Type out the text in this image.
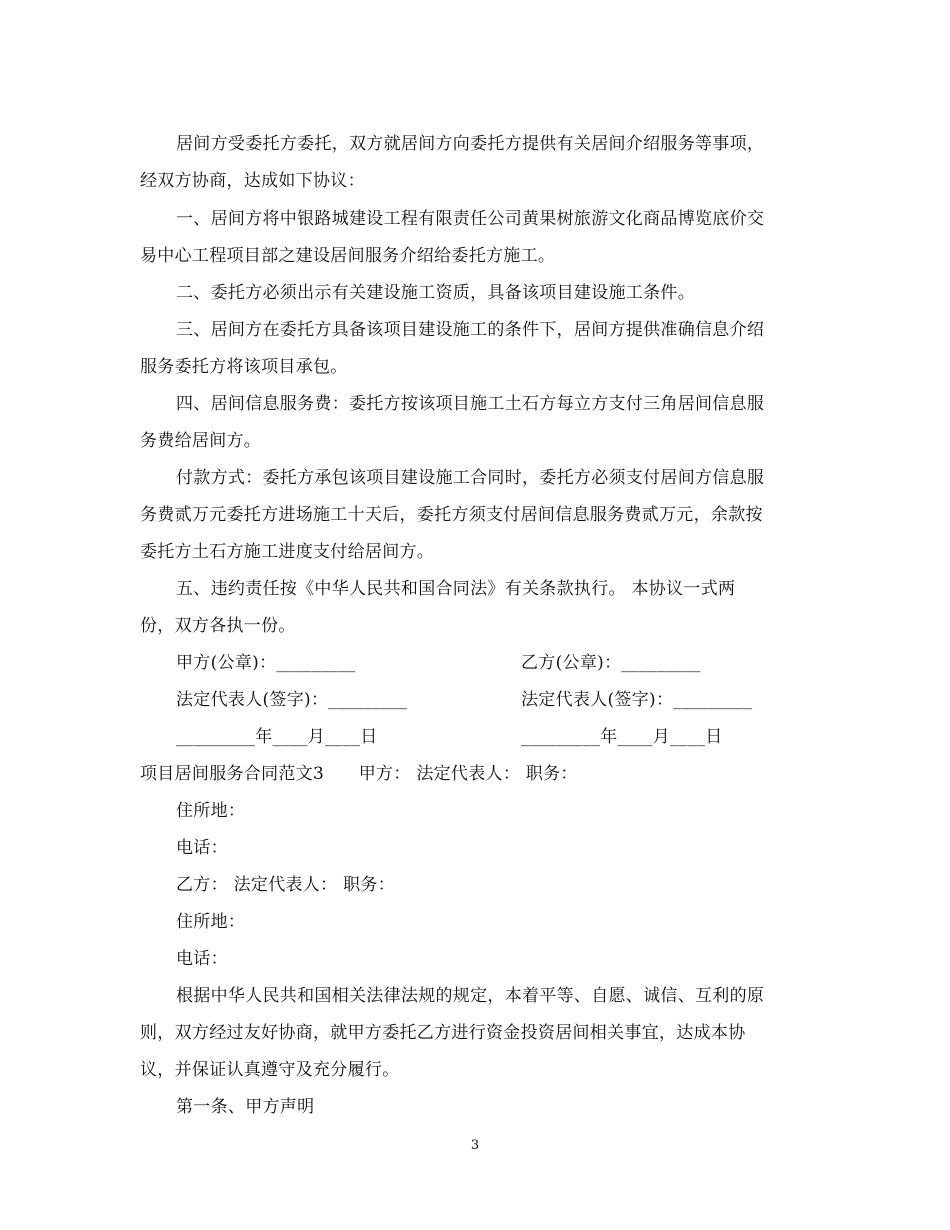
居间方受委托方委托，双方就居间方向委托方提供有关居间介绍服务等事项，
经双方协商，达成如下协议：
一、居间方将中银路城建设工程有限责任公司黄果树旅游文化商品博览底价交
易中心工程项目部之建设居间服务介绍给委托方施工。
二、委托方必须出示有关建设施工资质，具备该项目建设施工条件。
三、居间方在委托方具备该项目建设施工的条件下，居间方提供准确信息介绍
服务委托方将该项目承包。
四、居间信息服务费：委托方按该项目施工土石方每立方支付三角居间信息服
务费给居间方。
付款方式：委托方承包该项目建设施工合同时，委托方必须支付居间方信息服
务费贰万元委托方进场施工十天后，委托方须支付居间信息服务费贰万元，余款按
委托方土石方施工进度支付给居间方。
五、违约责任按《中华人民共和国合同法》有关条款执行。 本协议一式两
份，双方各执一份。
甲方(公章)：_________	乙方(公章)：_________
法定代表人(签字)：_________	法定代表人(签字)：_________
_________年____月____日	_________年____月____日
项目居间服务合同范文3　　甲方： 法定代表人： 职务：
住所地：
电话：
乙方： 法定代表人： 职务：
住所地：
电话：
根据中华人民共和国相关法律法规的规定，本着平等、自愿、诚信、互利的原
则，双方经过友好协商，就甲方委托乙方进行资金投资居间相关事宜，达成本协
议，并保证认真遵守及充分履行。
第一条、甲方声明
3
